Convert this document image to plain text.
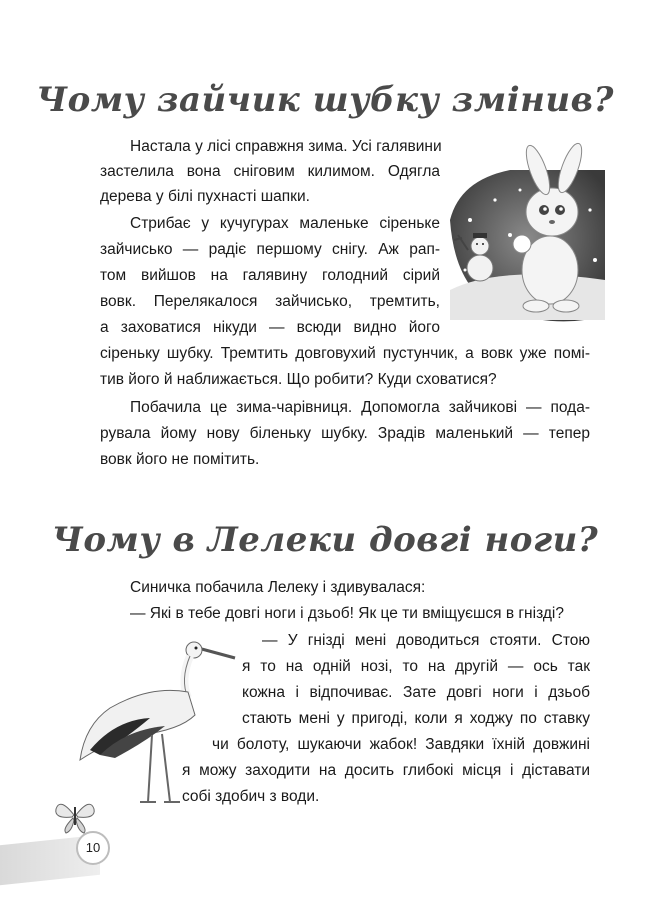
Чому зайчик шубку змінив?
Настала у лісі справжня зима. Усі галявини
застелила вона сніговим килимом. Одягла
дерева у білі пухнасті шапки.
Стрибає у кучугурах маленьке сіреньке
зайчисько — радіє першому снігу. Аж рап-
том вийшов на галявину голодний сірий
вовк. Перелякалося зайчисько, тремтить,
а заховатися нікуди — всюди видно його
сіреньку шубку. Тремтить довговухий пустунчик, а вовк уже помі-
тив його й наближається. Що робити? Куди сховатися?
Побачила це зима-чарівниця. Допомогла зайчикові — пода-
рувала йому нову біленьку шубку. Зрадів маленький — тепер
вовк його не помітить.
Чому в Лелеки довгі ноги?
Синичка побачила Лелеку і здивувалася:
— Які в тебе довгі ноги і дзьоб! Як це ти вміщуєшся в гнізді?
— У гнізді мені доводиться стояти. Стою
я то на одній нозі, то на другій — ось так
кожна і відпочиває. Зате довгі ноги і дзьоб
стають мені у пригоді, коли я ходжу по ставку
чи болоту, шукаючи жабок! Завдяки їхній довжині
я можу заходити на досить глибокі місця і діставати
собі здобич з води.
10
